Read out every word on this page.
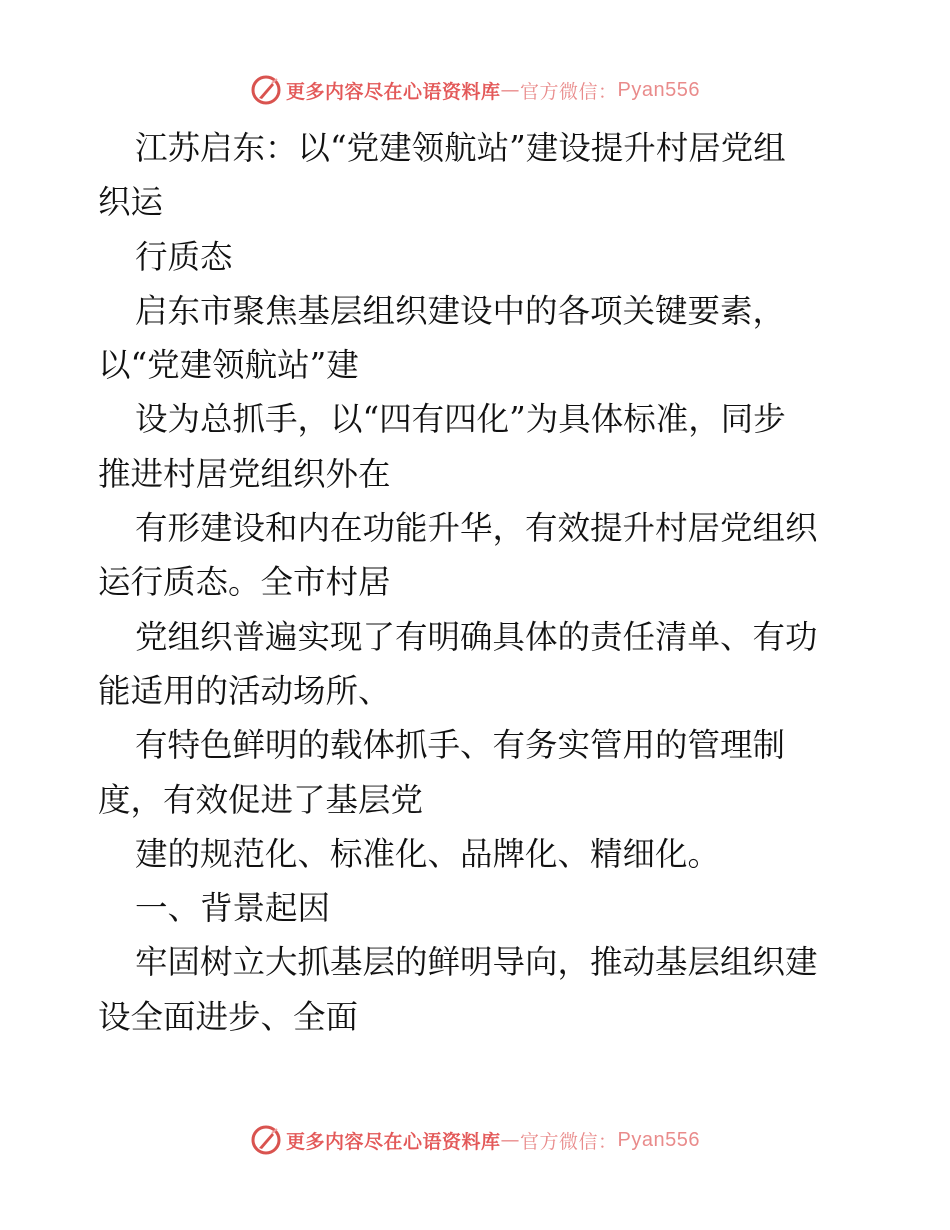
更多内容尽在心语资料库 — 官方微信： Pyan556
江苏启东：以“党建领航站”建设提升村居党组
织运
行质态
启东市聚焦基层组织建设中的各项关键要素，
以“党建领航站”建
设为总抓手，以“四有四化”为具体标准，同步
推进村居党组织外在
有形建设和内在功能升华，有效提升村居党组织
运行质态。全市村居
党组织普遍实现了有明确具体的责任清单、有功
能适用的活动场所、
有特色鲜明的载体抓手、有务实管用的管理制
度，有效促进了基层党
建的规范化、标准化、品牌化、精细化。
一、背景起因
牢固树立大抓基层的鲜明导向，推动基层组织建
设全面进步、全面
更多内容尽在心语资料库 — 官方微信： Pyan556
